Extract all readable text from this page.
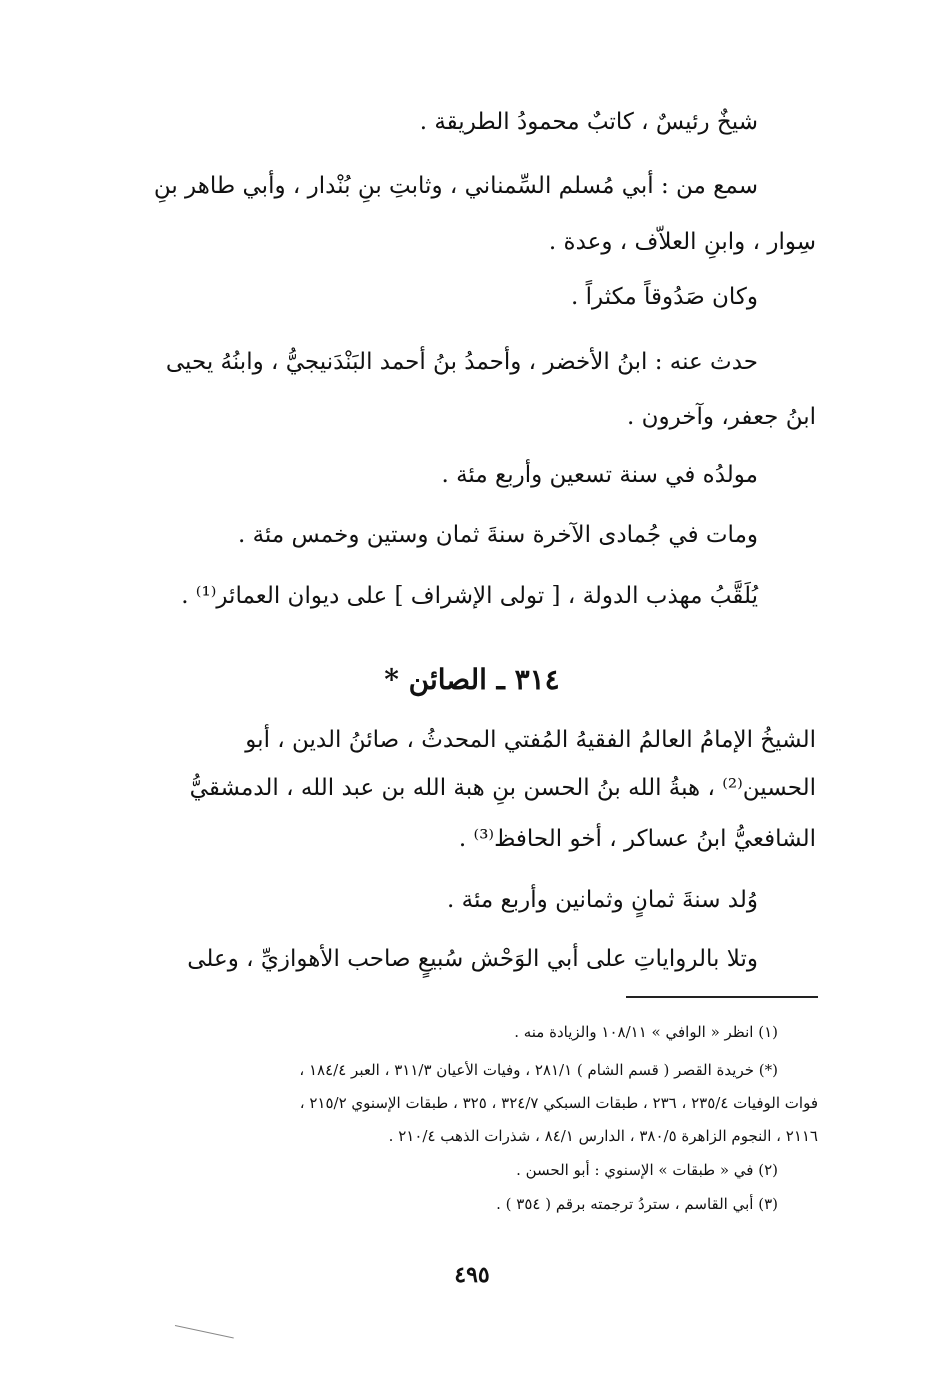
شيخٌ رئيسٌ ، كاتبٌ محمودُ الطريقة .
سمع من : أبي مُسلم السِّمناني ، وثابتِ بنِ بُنْدار ، وأبي طاهر بنِ
سِوار ، وابنِ العلاّف ، وعدة .
وكان صَدُوقاً مكثراً .
حدث عنه : ابنُ الأخضر ، وأحمدُ بنُ أحمد البَنْدَنيجيُّ ، وابنُهُ يحيى
ابنُ جعفر، وآخرون .
مولدُه في سنة تسعين وأربع مئة .
ومات في جُمادى الآخرة سنةَ ثمان وستين وخمس مئة .
يُلَقَّبُ مهذب الدولة ، [ تولى الإشراف ] على ديوان العمائر⁽¹⁾ .
٣١٤ ـ الصائن *
الشيخُ الإمامُ العالمُ الفقيهُ المُفتي المحدثُ ، صائنُ الدين ، أبو
الحسين⁽²⁾ ، هبةُ الله بنُ الحسن بنِ هبة الله بن عبد الله ، الدمشقيُّ
الشافعيُّ ابنُ عساكر ، أخو الحافظ⁽³⁾ .
وُلد سنةَ ثمانٍ وثمانين وأربع مئة .
وتلا بالرواياتِ على أبي الوَحْش سُبيعٍ صاحب الأهوازيِّ ، وعلى
(١) انظر « الوافي » ١٠٨/١١ والزيادة منه .
(*) خريدة القصر ( قسم الشام ) ٢٨١/١ ، وفيات الأعيان ٣١١/٣ ، العبر ١٨٤/٤ ،
فوات الوفيات ٢٣٥/٤ ، ٢٣٦ ، طبقات السبكي ٣٢٤/٧ ، ٣٢٥ ، طبقات الإسنوي ٢١٥/٢ ،
٢١١٦ ، النجوم الزاهرة ٣٨٠/٥ ، الدارس ٨٤/١ ، شذرات الذهب ٢١٠/٤ .
(٢) في « طبقات » الإسنوي : أبو الحسن .
(٣) أبي القاسم ، ستردُ ترجمته برقم ( ٣٥٤ ) .
٤٩٥
